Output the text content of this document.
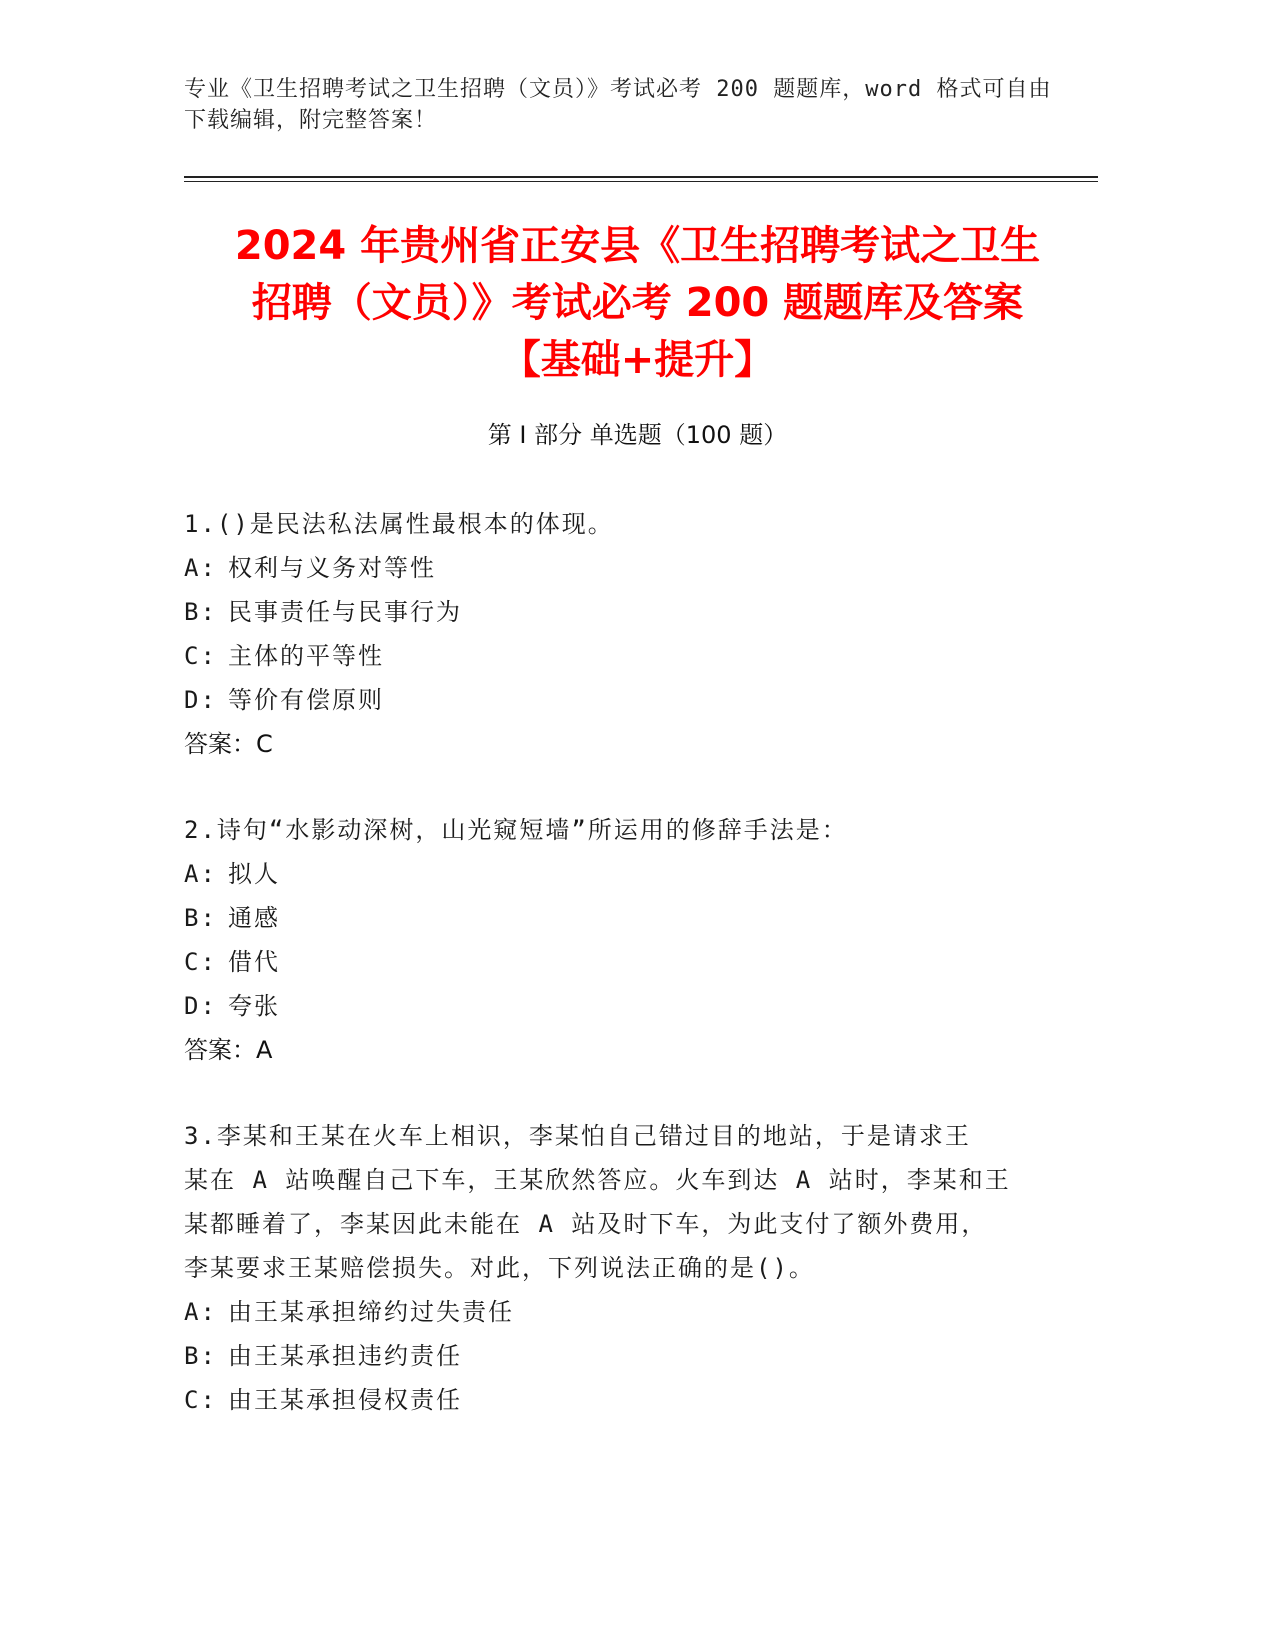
专业《卫生招聘考试之卫生招聘（文员）》考试必考 200 题题库，word 格式可自由下载编辑，附完整答案！
2024 年贵州省正安县《卫生招聘考试之卫生
招聘（文员）》考试必考 200 题题库及答案
【基础+提升】
第 I 部分 单选题（100 题）
1.()是民法私法属性最根本的体现。
A: 权利与义务对等性
B: 民事责任与民事行为
C: 主体的平等性
D: 等价有偿原则
答案：C
2.诗句“水影动深树，山光窥短墙”所运用的修辞手法是：
A: 拟人
B: 通感
C: 借代
D: 夸张
答案：A
3.李某和王某在火车上相识，李某怕自己错过目的地站，于是请求王
某在 A 站唤醒自己下车，王某欣然答应。火车到达 A 站时，李某和王
某都睡着了，李某因此未能在 A 站及时下车，为此支付了额外费用，
李某要求王某赔偿损失。对此，下列说法正确的是()。
A: 由王某承担缔约过失责任
B: 由王某承担违约责任
C: 由王某承担侵权责任
